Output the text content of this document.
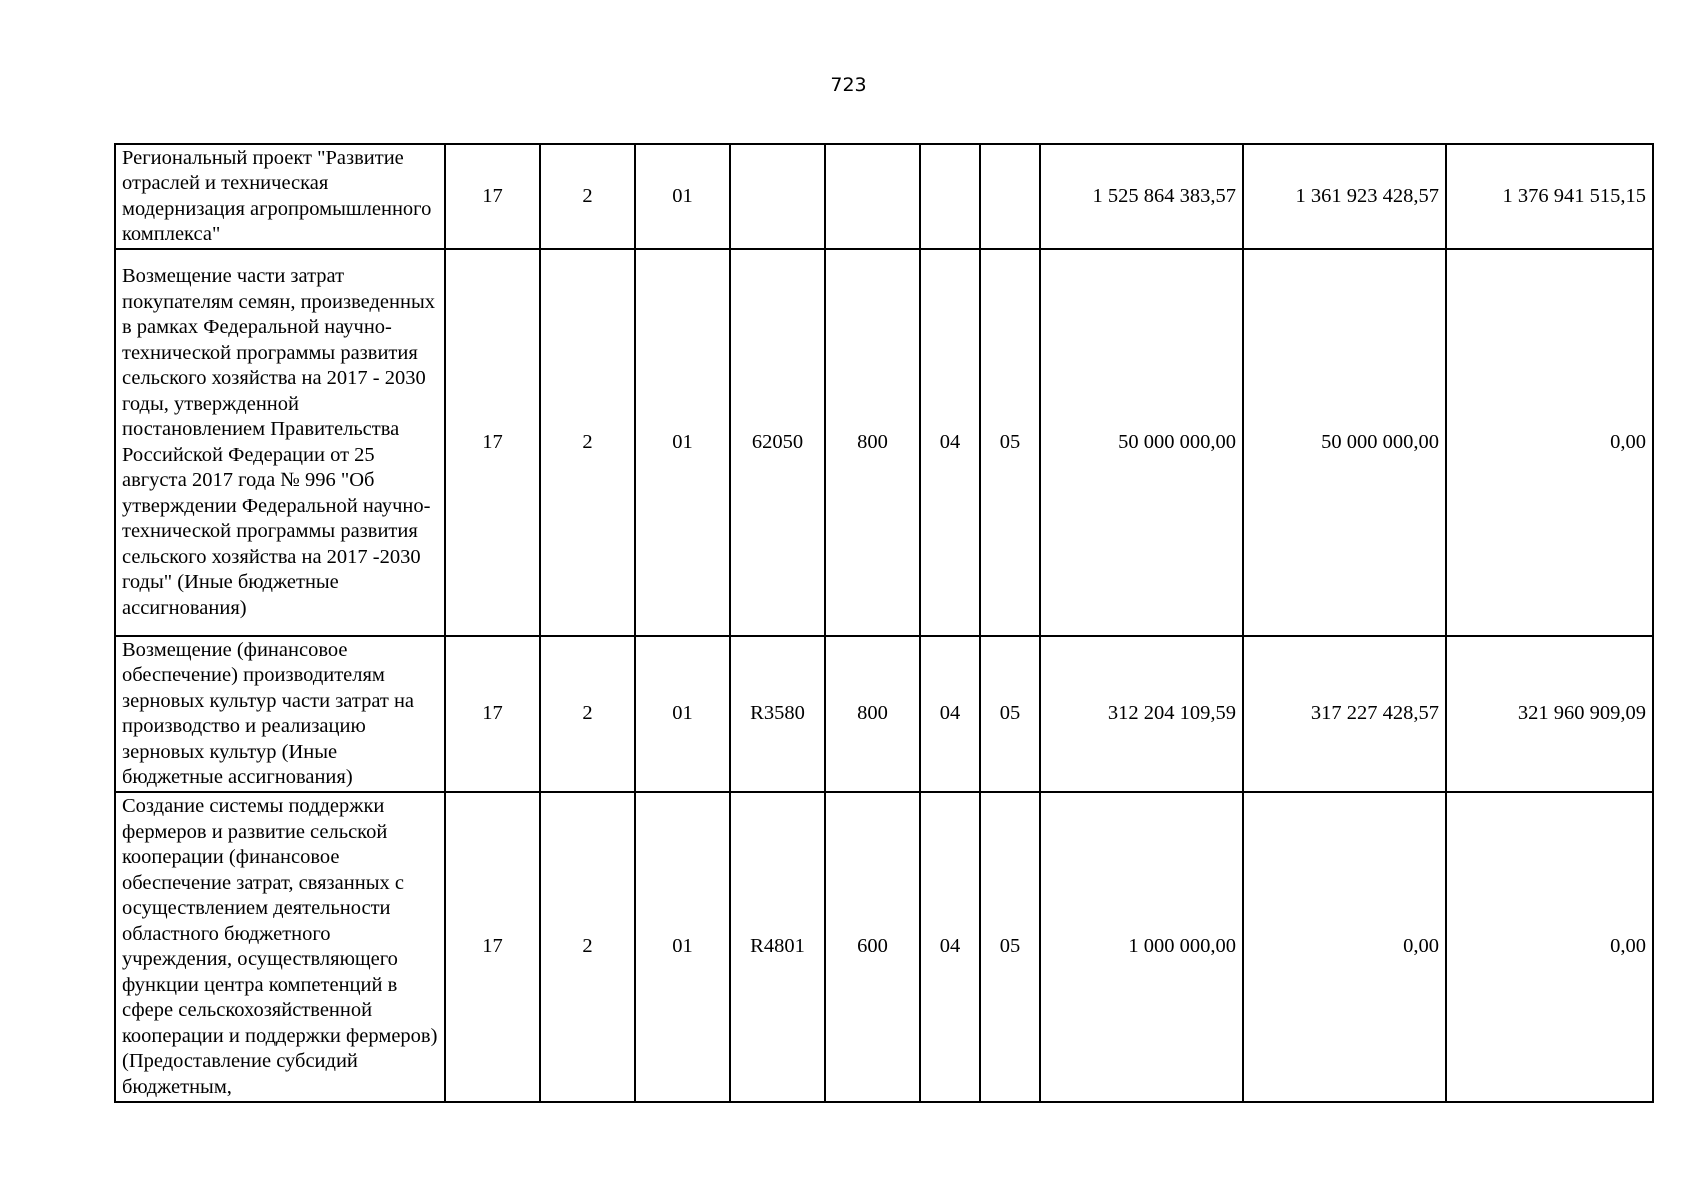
723
Региональный проект "Развитие отраслей и техническая модернизация агропромышленного комплекса"	17	2	01					1 525 864 383,57	1 361 923 428,57	1 376 941 515,15
Возмещение части затрат покупателям семян, произведенных в рамках Федеральной научно-технической программы развития сельского хозяйства на 2017 - 2030 годы, утвержденной постановлением Правительства Российской Федерации от 25 августа 2017 года № 996 "Об утверждении Федеральной научно-технической программы развития сельского хозяйства на 2017 -2030 годы" (Иные бюджетные ассигнования)	17	2	01	62050	800	04	05	50 000 000,00	50 000 000,00	0,00
Возмещение (финансовое обеспечение) производителям зерновых культур части затрат на производство и реализацию зерновых культур (Иные бюджетные ассигнования)	17	2	01	R3580	800	04	05	312 204 109,59	317 227 428,57	321 960 909,09
Создание системы поддержки фермеров и развитие сельской кооперации (финансовое обеспечение затрат, связанных с осуществлением деятельности областного бюджетного учреждения, осуществляющего функции центра компетенций в сфере сельскохозяйственной кооперации и поддержки фермеров) (Предоставление субсидий бюджетным,	17	2	01	R4801	600	04	05	1 000 000,00	0,00	0,00
